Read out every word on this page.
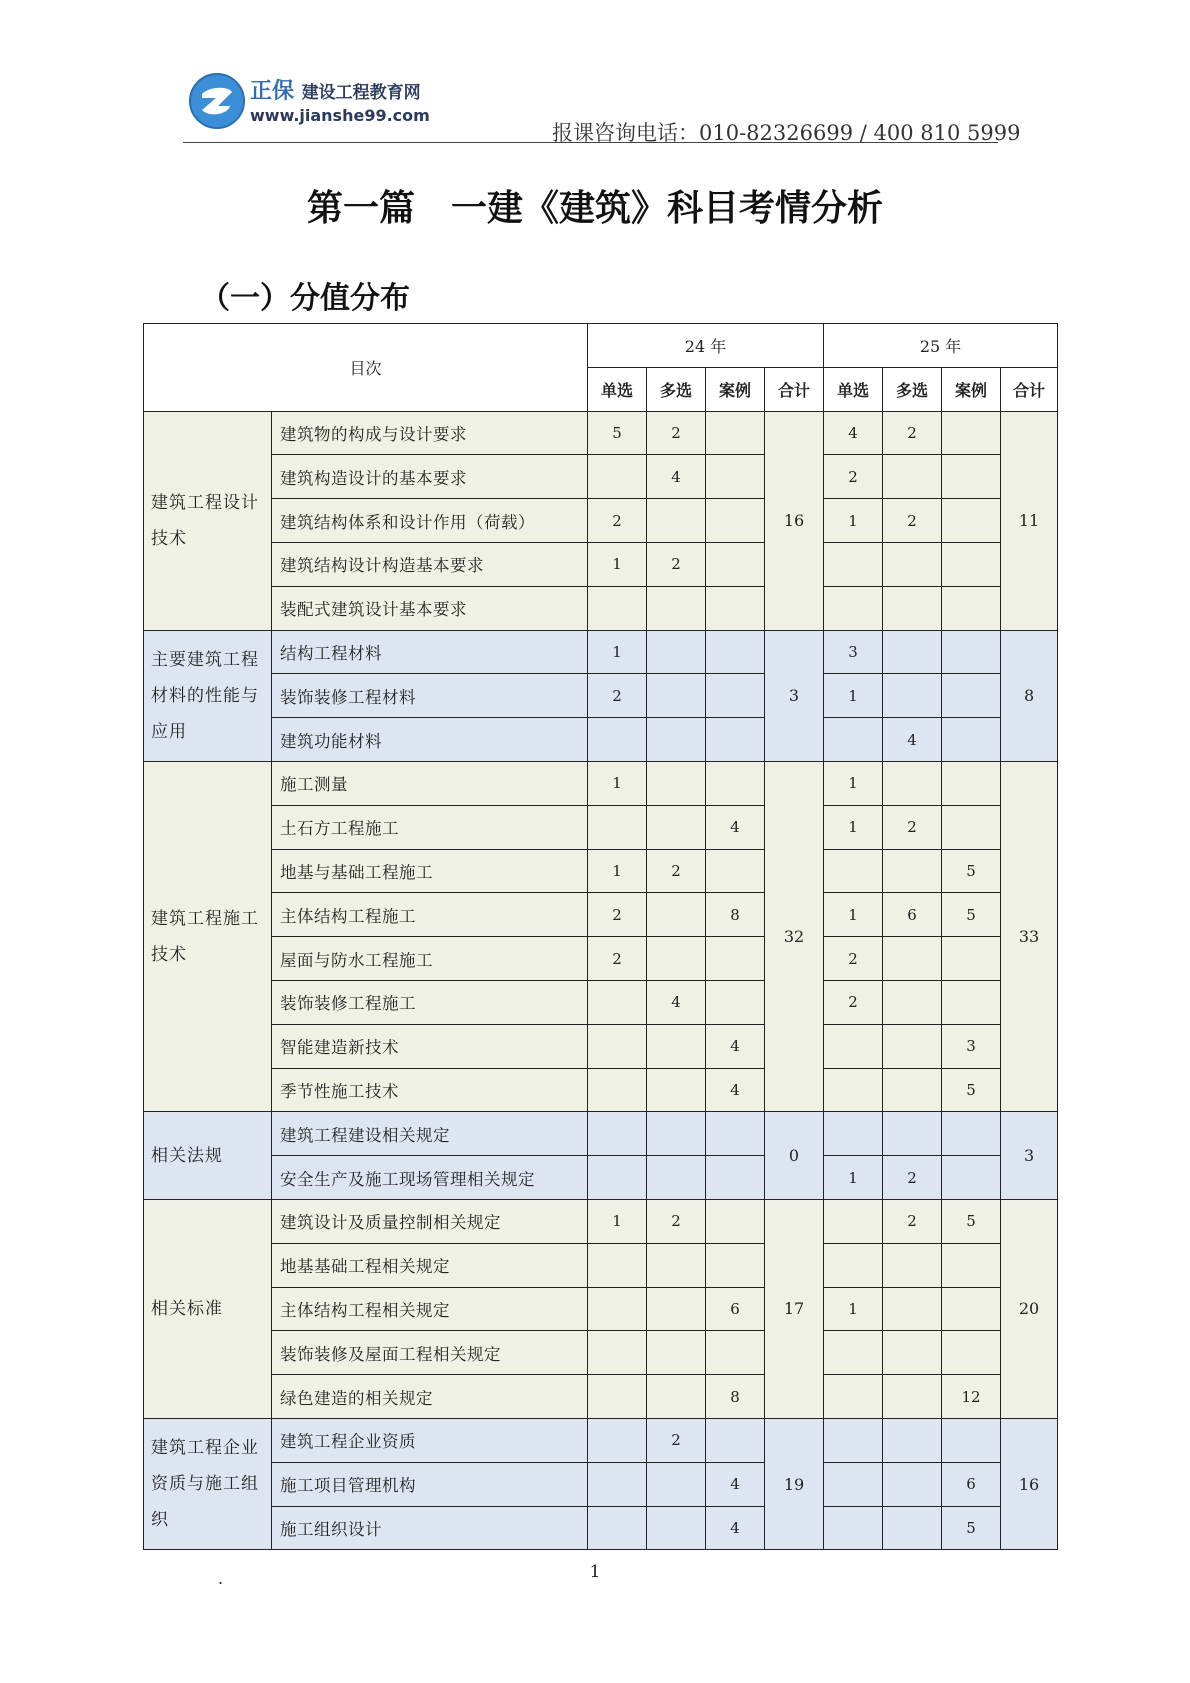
正保 建设工程教育网
www.jianshe99.com
报课咨询电话：010-82326699 / 400 810 5999
第一篇　一建《建筑》科目考情分析
（一）分值分布
目次		24 年				25 年			
		单选	多选	案例	合计	单选	多选	案例	合计
建筑工程设计技术	建筑物的构成与设计要求	5	2		16	4	2		11
	建筑构造设计的基本要求		4			2			
	建筑结构体系和设计作用（荷载）	2				1	2		
	建筑结构设计构造基本要求	1	2						
	装配式建筑设计基本要求								
主要建筑工程材料的性能与应用	结构工程材料	1			3	3			8
	装饰装修工程材料	2				1			
	建筑功能材料						4		
建筑工程施工技术	施工测量	1			32	1			33
	土石方工程施工			4		1	2		
	地基与基础工程施工	1	2					5	
	主体结构工程施工	2		8		1	6	5	
	屋面与防水工程施工	2				2			
	装饰装修工程施工		4			2			
	智能建造新技术			4				3	
	季节性施工技术			4				5	
相关法规	建筑工程建设相关规定				0				3
	安全生产及施工现场管理相关规定					1	2		
相关标准	建筑设计及质量控制相关规定	1	2		17		2	5	20
	地基基础工程相关规定								
	主体结构工程相关规定			6		1			
	装饰装修及屋面工程相关规定								
	绿色建造的相关规定			8				12	
建筑工程企业资质与施工组织	建筑工程企业资质		2		19				16
	施工项目管理机构			4				6	
	施工组织设计			4				5	
.	1
